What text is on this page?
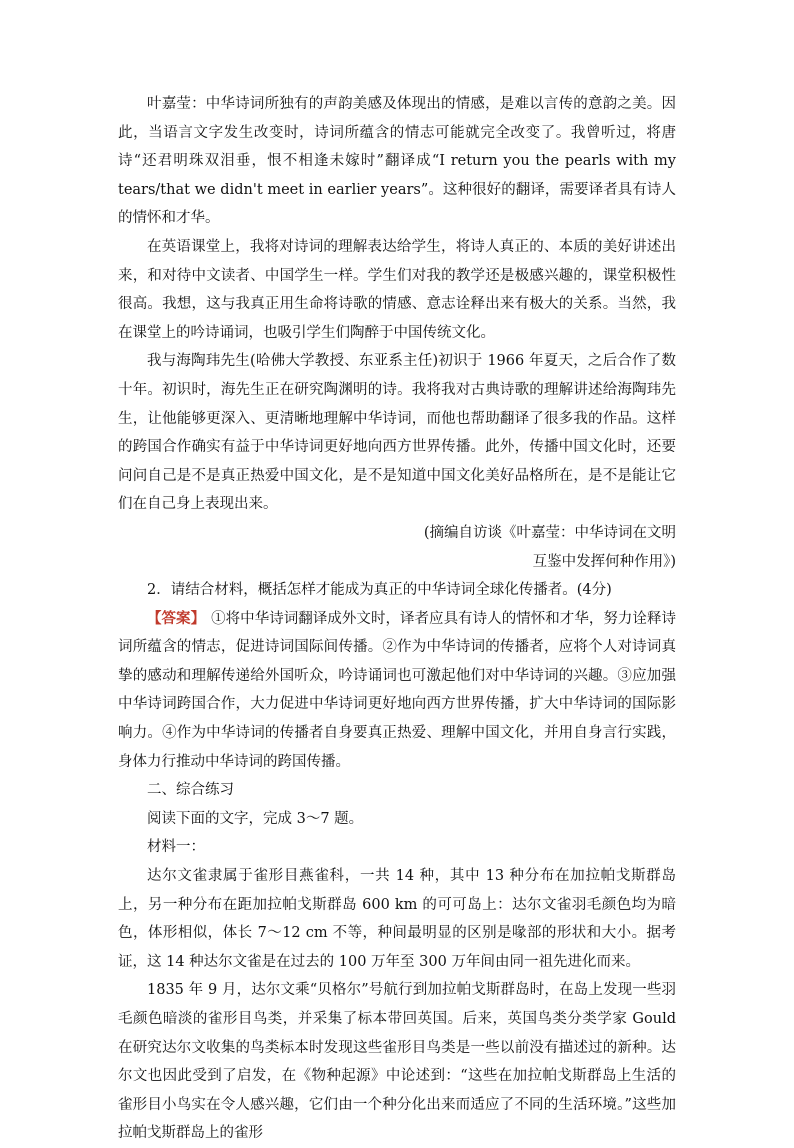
叶嘉莹：中华诗词所独有的声韵美感及体现出的情感，是难以言传的意韵之美。因此，当语言文字发生改变时，诗词所蕴含的情志可能就完全改变了。我曾听过，将唐诗“还君明珠双泪垂，恨不相逢未嫁时”翻译成“I return you the pearls with my tears/that we didn't meet in earlier years”。这种很好的翻译，需要译者具有诗人的情怀和才华。

在英语课堂上，我将对诗词的理解表达给学生，将诗人真正的、本质的美好讲述出来，和对待中文读者、中国学生一样。学生们对我的教学还是极感兴趣的，课堂积极性很高。我想，这与我真正用生命将诗歌的情感、意志诠释出来有极大的关系。当然，我在课堂上的吟诗诵词，也吸引学生们陶醉于中国传统文化。

我与海陶玮先生(哈佛大学教授、东亚系主任)初识于 1966 年夏天，之后合作了数十年。初识时，海先生正在研究陶渊明的诗。我将我对古典诗歌的理解讲述给海陶玮先生，让他能够更深入、更清晰地理解中华诗词，而他也帮助翻译了很多我的作品。这样的跨国合作确实有益于中华诗词更好地向西方世界传播。此外，传播中国文化时，还要问问自己是不是真正热爱中国文化，是不是知道中国文化美好品格所在，是不是能让它们在自己身上表现出来。

(摘编自访谈《叶嘉莹：中华诗词在文明

互鉴中发挥何种作用》)

2．请结合材料，概括怎样才能成为真正的中华诗词全球化传播者。(4分)

【答案】 ①将中华诗词翻译成外文时，译者应具有诗人的情怀和才华，努力诠释诗词所蕴含的情志，促进诗词国际间传播。②作为中华诗词的传播者，应将个人对诗词真挚的感动和理解传递给外国听众，吟诗诵词也可激起他们对中华诗词的兴趣。③应加强中华诗词跨国合作，大力促进中华诗词更好地向西方世界传播，扩大中华诗词的国际影响力。④作为中华诗词的传播者自身要真正热爱、理解中国文化，并用自身言行实践，身体力行推动中华诗词的跨国传播。

二、综合练习

阅读下面的文字，完成 3～7 题。

材料一：

达尔文雀隶属于雀形目燕雀科，一共 14 种，其中 13 种分布在加拉帕戈斯群岛上，另一种分布在距加拉帕戈斯群岛 600 km 的可可岛上：达尔文雀羽毛颜色均为暗色，体形相似，体长 7～12 cm 不等，种间最明显的区别是喙部的形状和大小。据考证，这 14 种达尔文雀是在过去的 100 万年至 300 万年间由同一祖先进化而来。

1835 年 9 月，达尔文乘“贝格尔”号航行到加拉帕戈斯群岛时，在岛上发现一些羽毛颜色暗淡的雀形目鸟类，并采集了标本带回英国。后来，英国鸟类分类学家 Gould 在研究达尔文收集的鸟类标本时发现这些雀形目鸟类是一些以前没有描述过的新种。达尔文也因此受到了启发，在《物种起源》中论述到：“这些在加拉帕戈斯群岛上生活的雀形目小鸟实在令人感兴趣，它们由一个种分化出来而适应了不同的生活环境。”这些加拉帕戈斯群岛上的雀形
